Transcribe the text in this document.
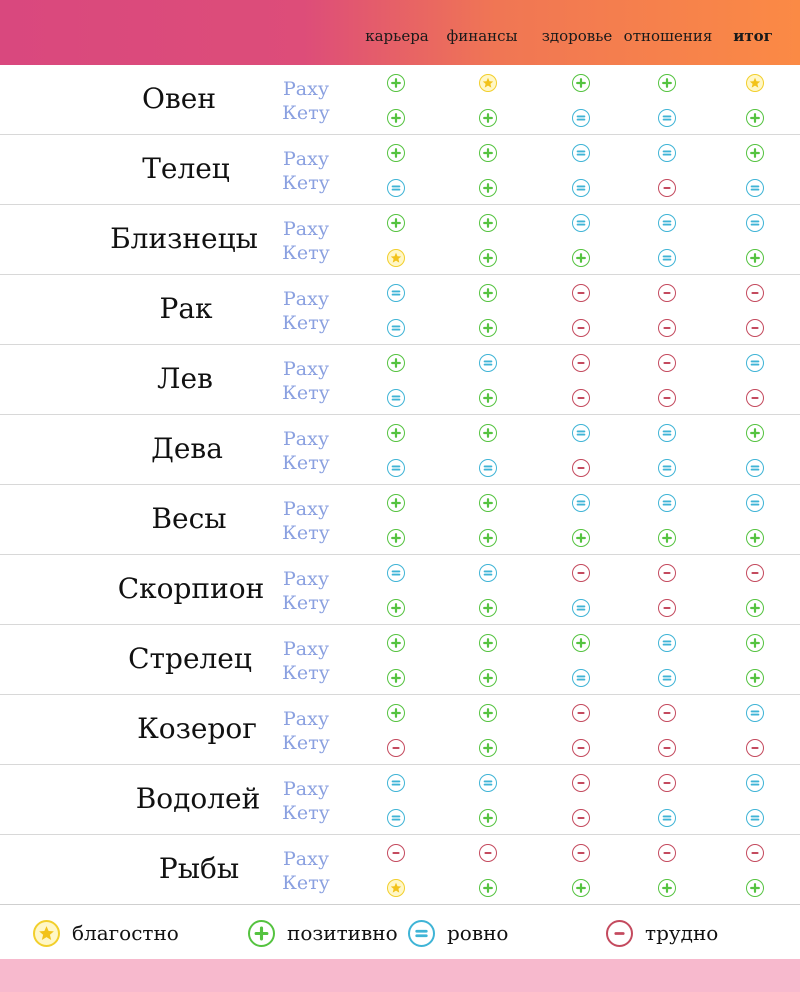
карьера финансы здоровье отношения итог
Овен	Раху
Кету
Телец	Раху
Кету
Близнецы Раху
Кету
Рак	Раху
Кету
Лев	Раху
Кету
Дева	Раху
Кету
Весы	Раху
Кету
Скорпион Раху
Кету
Стрелец Раху
Кету
Козерог Раху
Кету
Водолей Раху
Кету
Рыбы Раху
Кету
благостно	позитивно ровно	трудно
